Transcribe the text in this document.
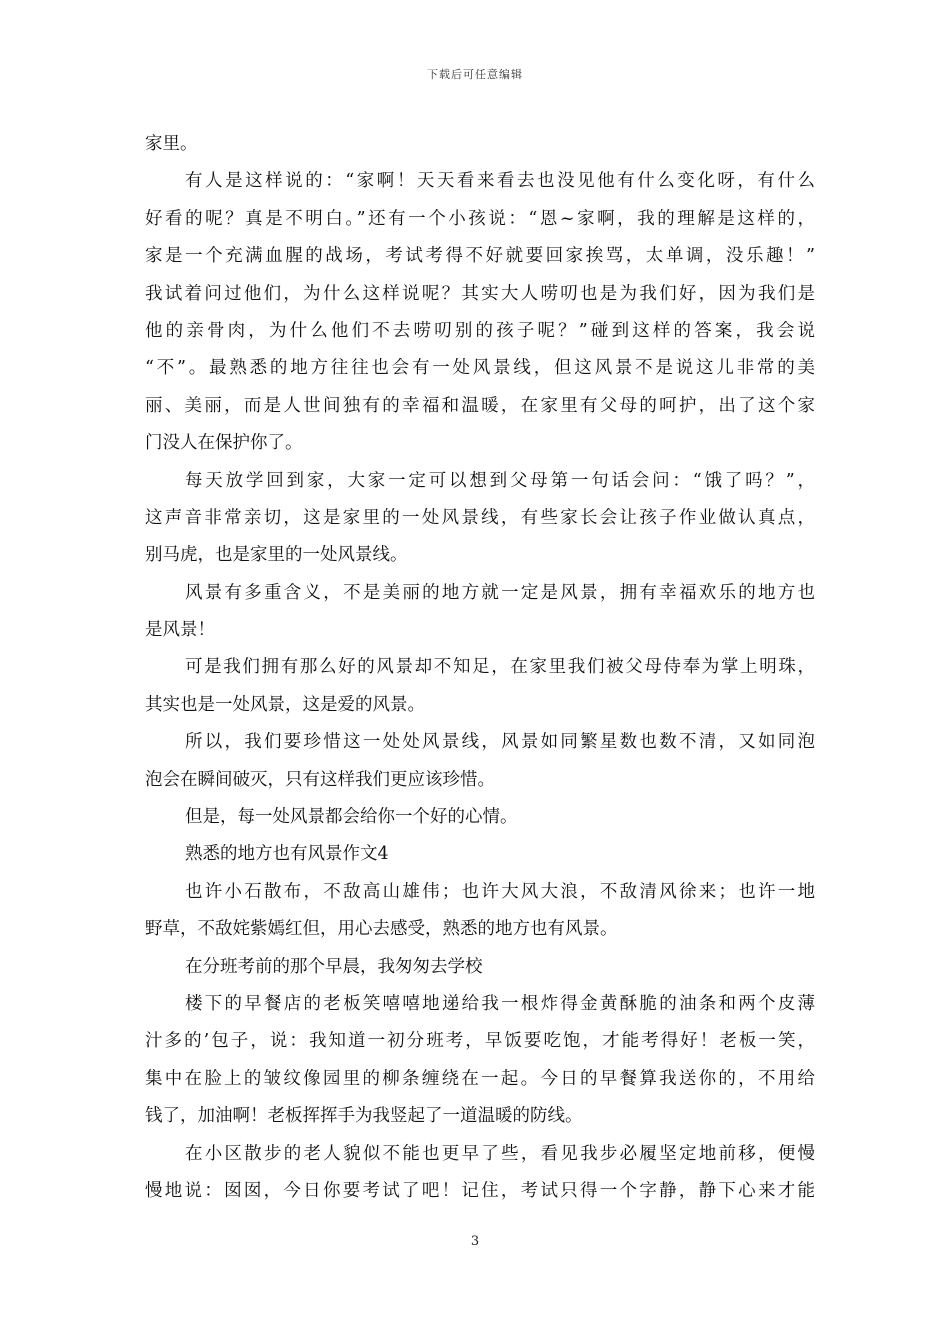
下载后可任意编辑
家里。
有人是这样说的：“家啊！天天看来看去也没见他有什么变化呀，有什么
好看的呢？真是不明白。”还有一个小孩说：“恩~家啊，我的理解是这样的，
家是一个充满血腥的战场，考试考得不好就要回家挨骂，太单调，没乐趣！”
我试着问过他们，为什么这样说呢？其实大人唠叨也是为我们好，因为我们是
他的亲骨肉，为什么他们不去唠叨别的孩子呢？”碰到这样的答案，我会说
“不”。最熟悉的地方往往也会有一处风景线，但这风景不是说这儿非常的美
丽、美丽，而是人世间独有的幸福和温暖，在家里有父母的呵护，出了这个家
门没人在保护你了。
每天放学回到家，大家一定可以想到父母第一句话会问：“饿了吗？”，
这声音非常亲切，这是家里的一处风景线，有些家长会让孩子作业做认真点，
别马虎，也是家里的一处风景线。
风景有多重含义，不是美丽的地方就一定是风景，拥有幸福欢乐的地方也
是风景！
可是我们拥有那么好的风景却不知足，在家里我们被父母侍奉为掌上明珠，
其实也是一处风景，这是爱的风景。
所以，我们要珍惜这一处处风景线，风景如同繁星数也数不清，又如同泡
泡会在瞬间破灭，只有这样我们更应该珍惜。
但是，每一处风景都会给你一个好的心情。
熟悉的地方也有风景作文4
也许小石散布，不敌高山雄伟；也许大风大浪，不敌清风徐来；也许一地
野草，不敌姹紫嫣红但，用心去感受，熟悉的地方也有风景。
在分班考前的那个早晨，我匆匆去学校
楼下的早餐店的老板笑嘻嘻地递给我一根炸得金黄酥脆的油条和两个皮薄
汁多的’包子，说：我知道一初分班考，早饭要吃饱，才能考得好！老板一笑，
集中在脸上的皱纹像园里的柳条缠绕在一起。今日的早餐算我送你的，不用给
钱了，加油啊！老板挥挥手为我竖起了一道温暖的防线。
在小区散步的老人貌似不能也更早了些，看见我步必履坚定地前移，便慢
慢地说：囡囡，今日你要考试了吧！记住，考试只得一个字静，静下心来才能
3
